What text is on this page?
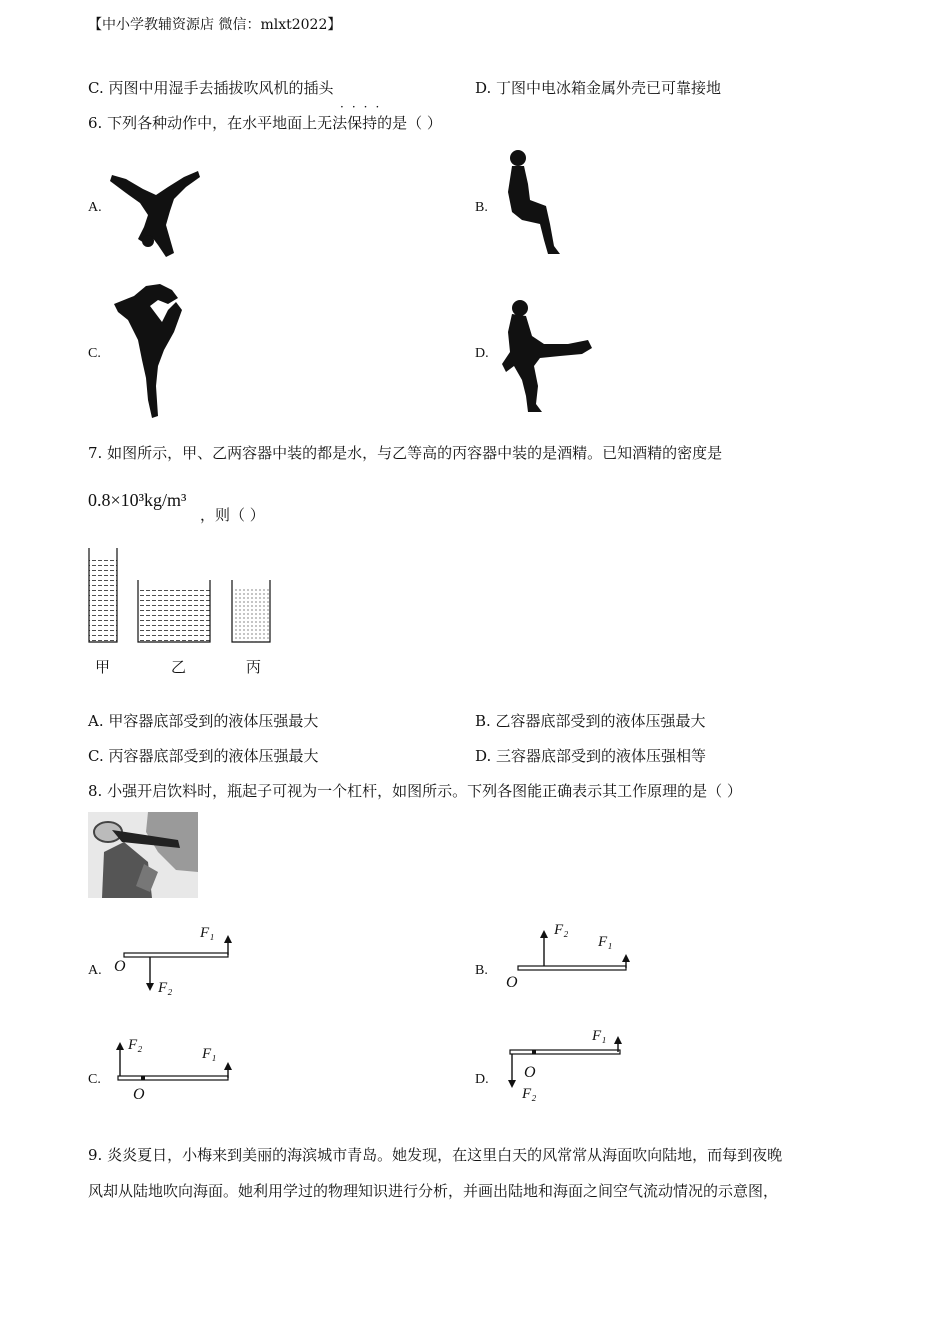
【中小学教辅资源店 微信：mlxt2022】
C. 丙图中用湿手去插拔吹风机的插头	D. 丁图中电冰箱金属外壳已可靠接地
6. 下列各种动作中，在水平地面上无法保持的是（ ）
····
A.	B.
C.	D.
7. 如图所示，甲、乙两容器中装的都是水，与乙等高的丙容器中装的是酒精。已知酒精的密度是
0.8×10³kg/m³
，则（ ）
甲	乙	丙
A. 甲容器底部受到的液体压强最大	B. 乙容器底部受到的液体压强最大
C. 丙容器底部受到的液体压强最大	D. 三容器底部受到的液体压强相等
8. 小强开启饮料时，瓶起子可视为一个杠杆，如图所示。下列各图能正确表示其工作原理的是（ ）
A.	B.
C.	D.
F₁
F₂
O
F₂
F₁
O
F₂
F₁
O
F₁
O
F₂
9. 炎炎夏日，小梅来到美丽的海滨城市青岛。她发现，在这里白天的风常常从海面吹向陆地，而每到夜晚
风却从陆地吹向海面。她利用学过的物理知识进行分析，并画出陆地和海面之间空气流动情况的示意图，
